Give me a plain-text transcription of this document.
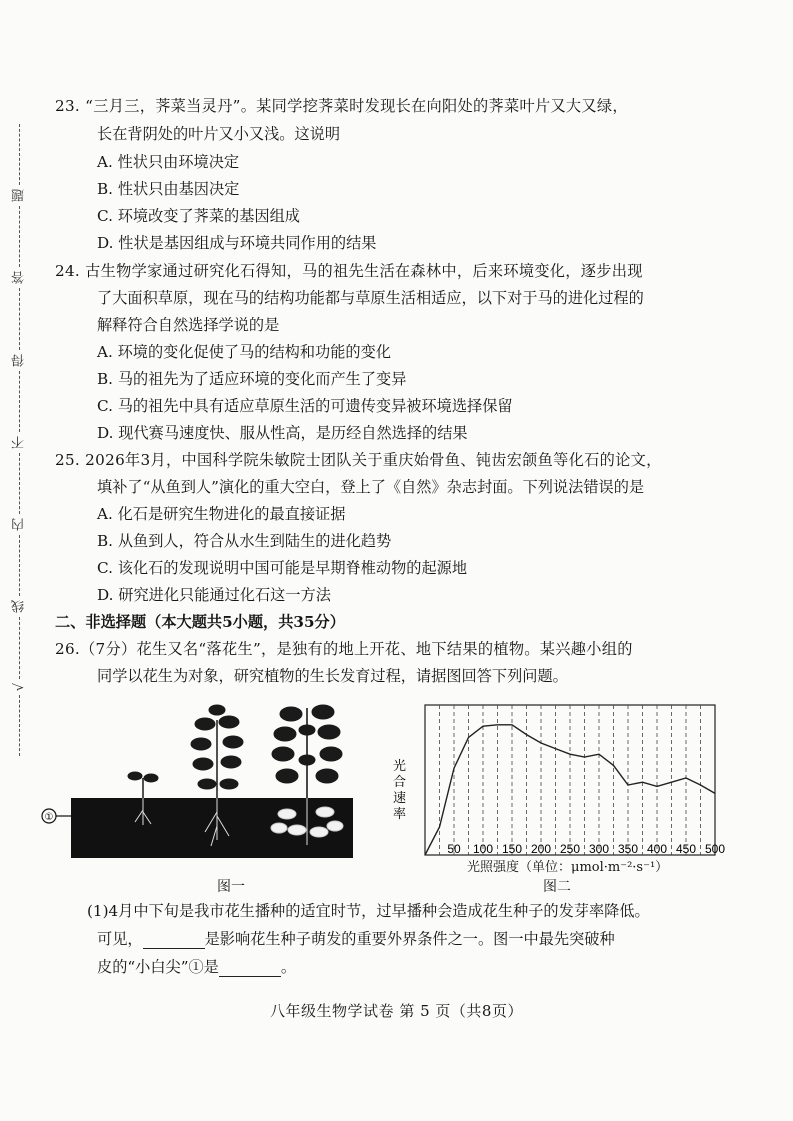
题
答
得
不
内
线
√
23. “三月三，荠菜当灵丹”。某同学挖荠菜时发现长在向阳处的荠菜叶片又大又绿，
长在背阴处的叶片又小又浅。这说明
A. 性状只由环境决定
B. 性状只由基因决定
C. 环境改变了荠菜的基因组成
D. 性状是基因组成与环境共同作用的结果
24. 古生物学家通过研究化石得知，马的祖先生活在森林中，后来环境变化，逐步出现
了大面积草原，现在马的结构功能都与草原生活相适应，以下对于马的进化过程的
解释符合自然选择学说的是
A. 环境的变化促使了马的结构和功能的变化
B. 马的祖先为了适应环境的变化而产生了变异
C. 马的祖先中具有适应草原生活的可遗传变异被环境选择保留
D. 现代赛马速度快、服从性高，是历经自然选择的结果
25. 2026年3月，中国科学院朱敏院士团队关于重庆始骨鱼、钝齿宏颌鱼等化石的论文，
填补了“从鱼到人”演化的重大空白，登上了《自然》杂志封面。下列说法错误的是
A. 化石是研究生物进化的最直接证据
B. 从鱼到人，符合从水生到陆生的进化趋势
C. 该化石的发现说明中国可能是早期脊椎动物的起源地
D. 研究进化只能通过化石这一方法
二、非选择题（本大题共5小题，共35分）
26.（7分）花生又名“落花生”，是独有的地上开花、地下结果的植物。某兴趣小组的
同学以花生为对象，研究植物的生长发育过程，请据图回答下列问题。
①
图一
光
合
速
率
50 100 150 200 250 300 350 400 450 500
光照强度（单位：μmol·m⁻²·s⁻¹）
图二
(1)4月中下旬是我市花生播种的适宜时节，过早播种会造成花生种子的发芽率降低。
可见，	是影响花生种子萌发的重要外界条件之一。图一中最先突破种
皮的“小白尖”①是	。
八年级生物学试卷 第 5 页（共8页）
